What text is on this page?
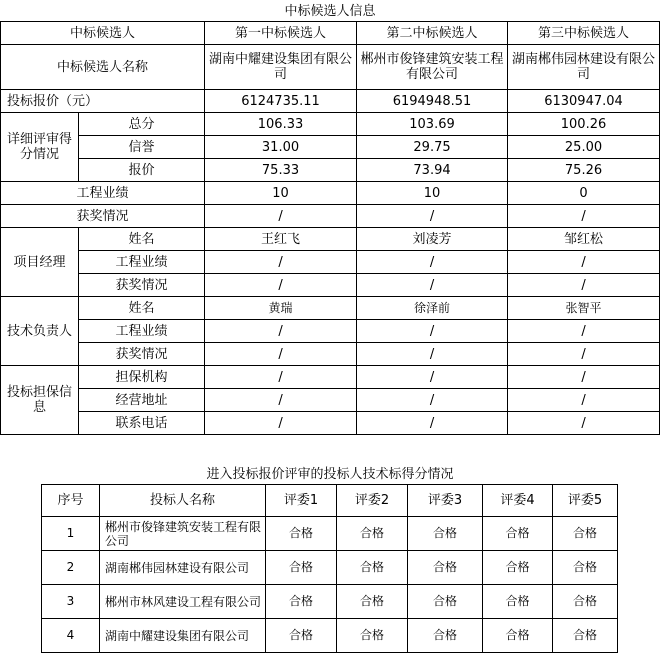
中标候选人信息
中标候选人		第一中标候选人	第二中标候选人	第三中标候选人
中标候选人名称		湖南中耀建设集团有限公司	郴州市俊锋建筑安装工程有限公司	湖南郴伟园林建设有限公司
投标报价（元）		6124735.11	6194948.51	6130947.04
详细评审得分情况	总分	106.33	103.69	100.26
	信誉	31.00	29.75	25.00
	报价	75.33	73.94	75.26
工程业绩		10	10	0
获奖情况		/	/	/
项目经理	姓名	王红飞	刘凌芳	邹红松
	工程业绩	/	/	/
	获奖情况	/	/	/
技术负责人	姓名	黄瑞	徐泽前	张智平
	工程业绩	/	/	/
	获奖情况	/	/	/
投标担保信息	担保机构	/	/	/
	经营地址	/	/	/
	联系电话	/	/	/
进入投标报价评审的投标人技术标得分情况
序号	投标人名称	评委1	评委2	评委3	评委4	评委5
1	郴州市俊锋建筑安装工程有限公司	合格	合格	合格	合格	合格
2	湖南郴伟园林建设有限公司	合格	合格	合格	合格	合格
3	郴州市林风建设工程有限公司	合格	合格	合格	合格	合格
4	湖南中耀建设集团有限公司	合格	合格	合格	合格	合格
